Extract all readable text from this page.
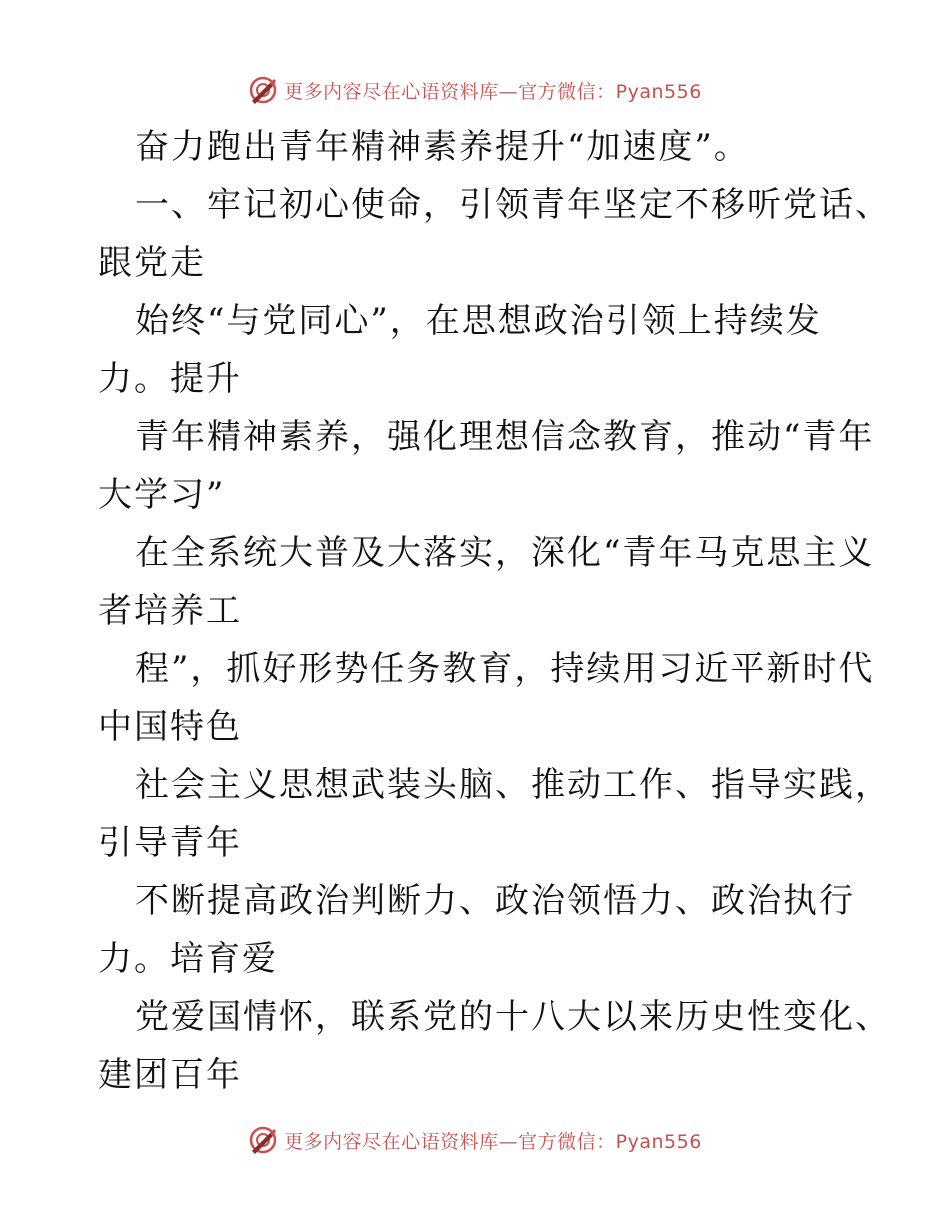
更多内容尽在心语资料库—官方微信：Pyan556
奋力跑出青年精神素养提升“加速度”。
一、牢记初心使命，引领青年坚定不移听党话、
跟党走
始终“与党同心”，在思想政治引领上持续发
力。提升
青年精神素养，强化理想信念教育，推动“青年
大学习”
在全系统大普及大落实，深化“青年马克思主义
者培养工
程”，抓好形势任务教育，持续用习近平新时代
中国特色
社会主义思想武装头脑、推动工作、指导实践，
引导青年
不断提高政治判断力、政治领悟力、政治执行
力。培育爱
党爱国情怀，联系党的十八大以来历史性变化、
建团百年
更多内容尽在心语资料库—官方微信：Pyan556
